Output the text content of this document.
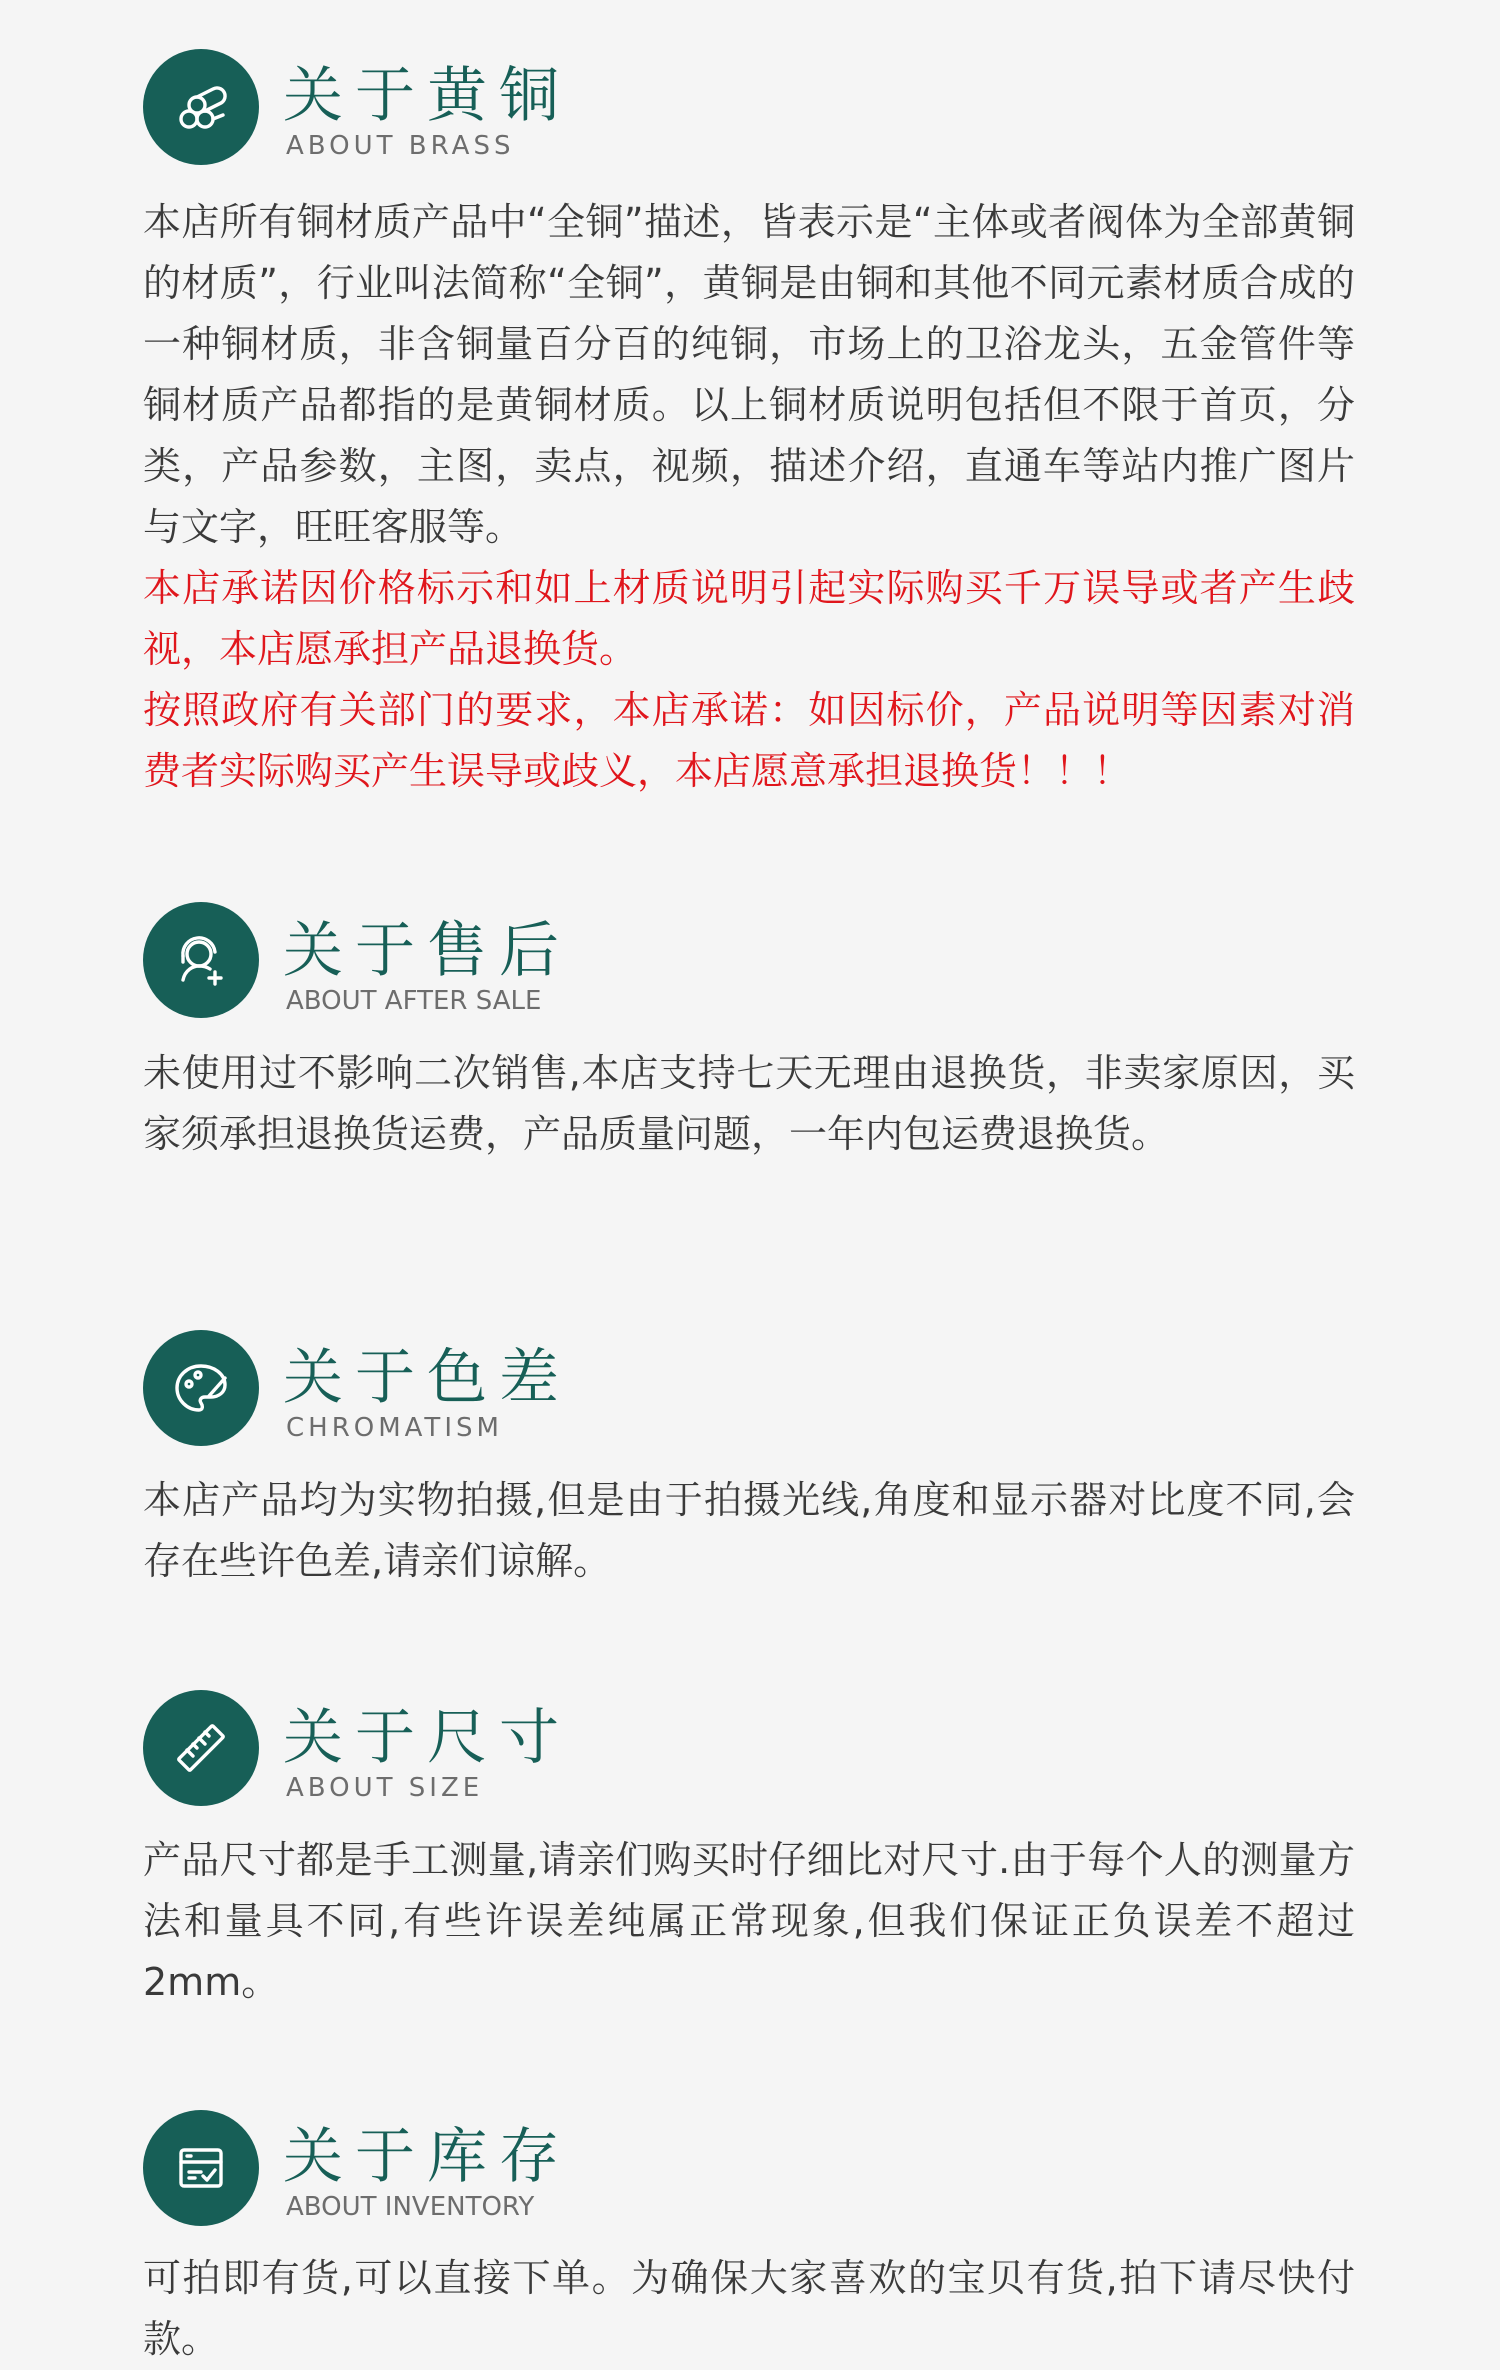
关于黄铜
ABOUT BRASS

本店所有铜材质产品中“全铜”描述，皆表示是“主体或者阀体为全部黄铜的材质”，行业叫法简称“全铜”，黄铜是由铜和其他不同元素材质合成的一种铜材质，非含铜量百分百的纯铜，市场上的卫浴龙头，五金管件等铜材质产品都指的是黄铜材质。以上铜材质说明包括但不限于首页，分类，产品参数，主图，卖点，视频，描述介绍，直通车等站内推广图片与文字，旺旺客服等。

本店承诺因价格标示和如上材质说明引起实际购买千万误导或者产生歧视，本店愿承担产品退换货。

按照政府有关部门的要求，本店承诺：如因标价，产品说明等因素对消费者实际购买产生误导或歧义，本店愿意承担退换货！！！

关于售后
ABOUT AFTER SALE

未使用过不影响二次销售,本店支持七天无理由退换货，非卖家原因，买家须承担退换货运费，产品质量问题，一年内包运费退换货。

关于色差
CHROMATISM

本店产品均为实物拍摄,但是由于拍摄光线,角度和显示器对比度不同,会存在些许色差,请亲们谅解。

关于尺寸
ABOUT SIZE

产品尺寸都是手工测量,请亲们购买时仔细比对尺寸.由于每个人的测量方法和量具不同,有些许误差纯属正常现象,但我们保证正负误差不超过2mm。

关于库存
ABOUT INVENTORY

可拍即有货,可以直接下单。为确保大家喜欢的宝贝有货,拍下请尽快付款。
